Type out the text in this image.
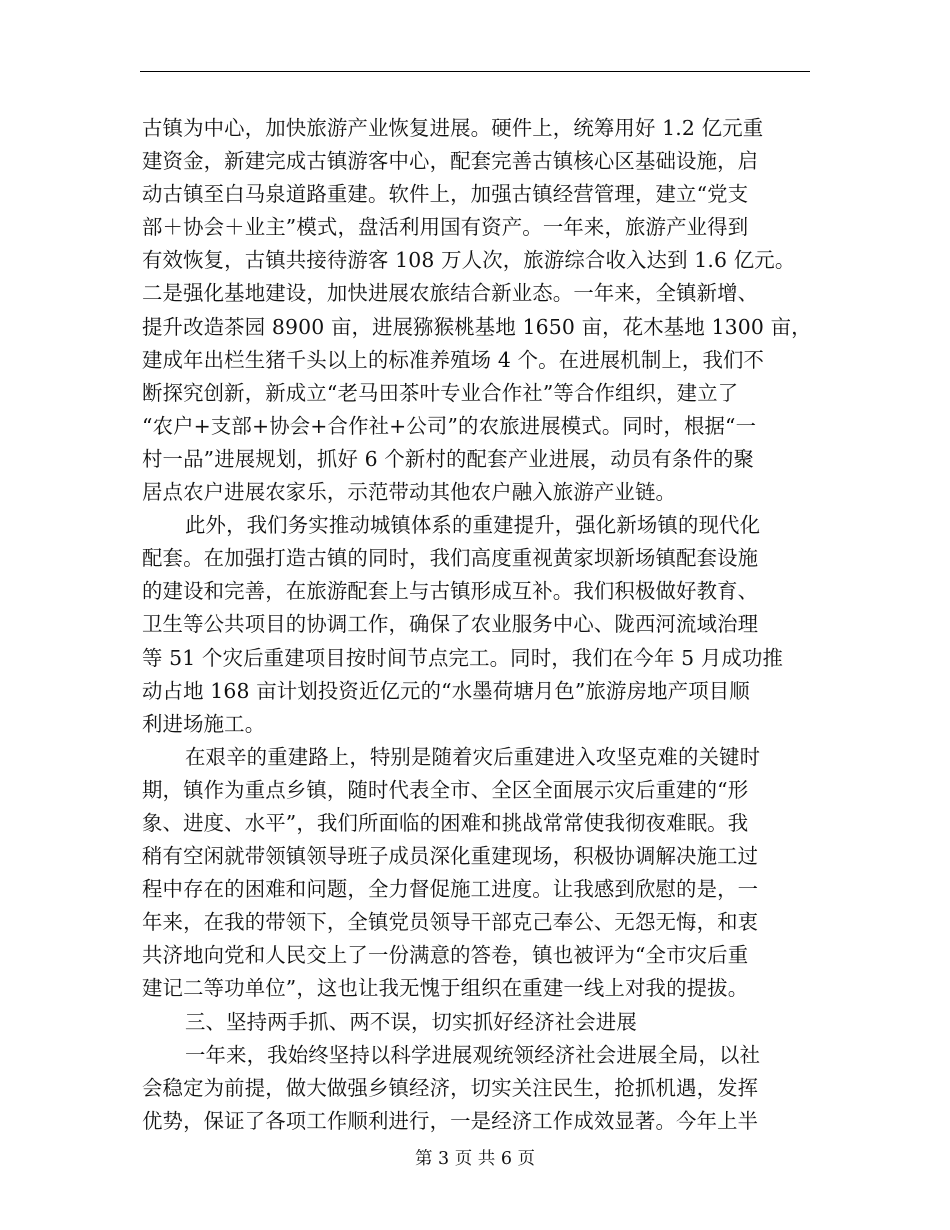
古镇为中心，加快旅游产业恢复进展。硬件上，统筹用好 1.2 亿元重
建资金，新建完成古镇游客中心，配套完善古镇核心区基础设施，启
动古镇至白马泉道路重建。软件上，加强古镇经营管理，建立“党支
部＋协会＋业主”模式，盘活利用国有资产。一年来，旅游产业得到
有效恢复，古镇共接待游客 108 万人次，旅游综合收入达到 1.6 亿元。
二是强化基地建设，加快进展农旅结合新业态。一年来，全镇新增、
提升改造茶园 8900 亩，进展猕猴桃基地 1650 亩，花木基地 1300 亩，
建成年出栏生猪千头以上的标准养殖场 4 个。在进展机制上，我们不
断探究创新，新成立“老马田茶叶专业合作社”等合作组织，建立了
“农户+支部+协会+合作社+公司”的农旅进展模式。同时，根据“一
村一品”进展规划，抓好 6 个新村的配套产业进展，动员有条件的聚
居点农户进展农家乐，示范带动其他农户融入旅游产业链。
此外，我们务实推动城镇体系的重建提升，强化新场镇的现代化
配套。在加强打造古镇的同时，我们高度重视黄家坝新场镇配套设施
的建设和完善，在旅游配套上与古镇形成互补。我们积极做好教育、
卫生等公共项目的协调工作，确保了农业服务中心、陇西河流域治理
等 51 个灾后重建项目按时间节点完工。同时，我们在今年 5 月成功推
动占地 168 亩计划投资近亿元的“水墨荷塘月色”旅游房地产项目顺
利进场施工。
在艰辛的重建路上，特别是随着灾后重建进入攻坚克难的关键时
期，镇作为重点乡镇，随时代表全市、全区全面展示灾后重建的“形
象、进度、水平”，我们所面临的困难和挑战常常使我彻夜难眠。我
稍有空闲就带领镇领导班子成员深化重建现场，积极协调解决施工过
程中存在的困难和问题，全力督促施工进度。让我感到欣慰的是，一
年来，在我的带领下，全镇党员领导干部克己奉公、无怨无悔，和衷
共济地向党和人民交上了一份满意的答卷，镇也被评为“全市灾后重
建记二等功单位”，这也让我无愧于组织在重建一线上对我的提拔。
三、坚持两手抓、两不误，切实抓好经济社会进展
一年来，我始终坚持以科学进展观统领经济社会进展全局，以社
会稳定为前提，做大做强乡镇经济，切实关注民生，抢抓机遇，发挥
优势，保证了各项工作顺利进行，一是经济工作成效显著。今年上半
第 3 页 共 6 页
